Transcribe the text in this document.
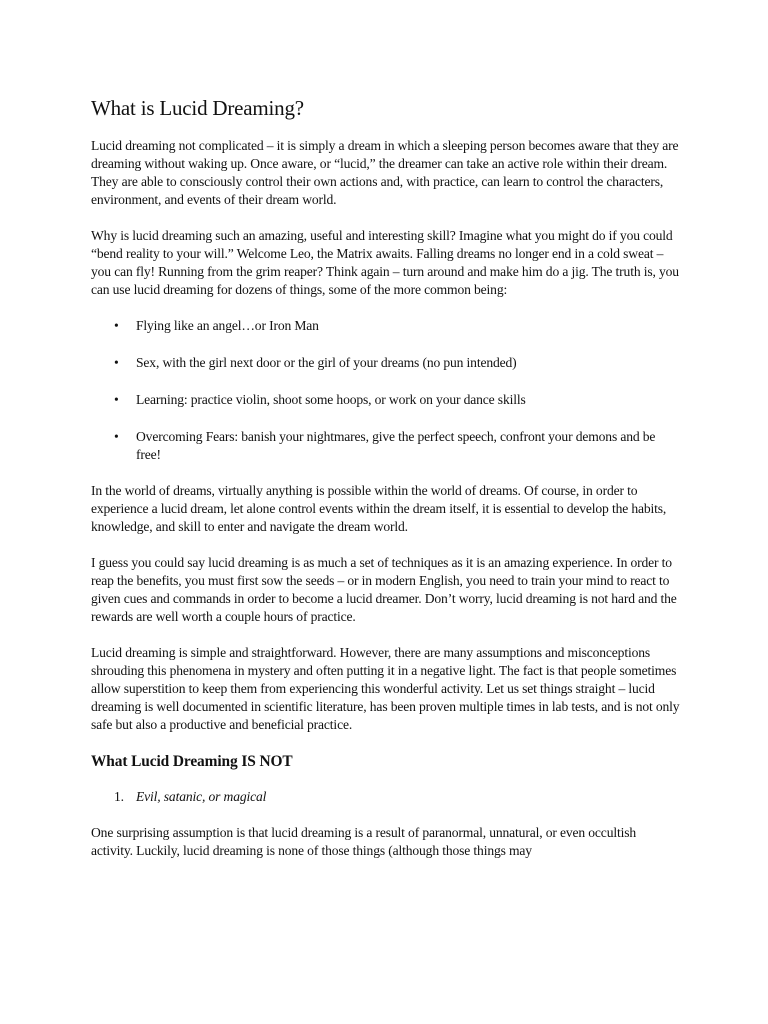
What is Lucid Dreaming?

Lucid dreaming not complicated – it is simply a dream in which a sleeping person becomes aware that they are dreaming without waking up. Once aware, or “lucid,” the dreamer can take an active role within their dream. They are able to consciously control their own actions and, with practice, can learn to control the characters, environment, and events of their dream world.

Why is lucid dreaming such an amazing, useful and interesting skill? Imagine what you might do if you could “bend reality to your will.” Welcome Leo, the Matrix awaits. Falling dreams no longer end in a cold sweat – you can fly! Running from the grim reaper? Think again – turn around and make him do a jig. The truth is, you can use lucid dreaming for dozens of things, some of the more common being:

• Flying like an angel…or Iron Man
• Sex, with the girl next door or the girl of your dreams (no pun intended)
• Learning: practice violin, shoot some hoops, or work on your dance skills
• Overcoming Fears: banish your nightmares, give the perfect speech, confront your demons and be free!

In the world of dreams, virtually anything is possible within the world of dreams. Of course, in order to experience a lucid dream, let alone control events within the dream itself, it is essential to develop the habits, knowledge, and skill to enter and navigate the dream world.

I guess you could say lucid dreaming is as much a set of techniques as it is an amazing experience. In order to reap the benefits, you must first sow the seeds – or in modern English, you need to train your mind to react to given cues and commands in order to become a lucid dreamer. Don’t worry, lucid dreaming is not hard and the rewards are well worth a couple hours of practice.

Lucid dreaming is simple and straightforward. However, there are many assumptions and misconceptions shrouding this phenomena in mystery and often putting it in a negative light. The fact is that people sometimes allow superstition to keep them from experiencing this wonderful activity. Let us set things straight – lucid dreaming is well documented in scientific literature, has been proven multiple times in lab tests, and is not only safe but also a productive and beneficial practice.

What Lucid Dreaming IS NOT
1. Evil, satanic, or magical

One surprising assumption is that lucid dreaming is a result of paranormal, unnatural, or even occultish activity. Luckily, lucid dreaming is none of those things (although those things may
